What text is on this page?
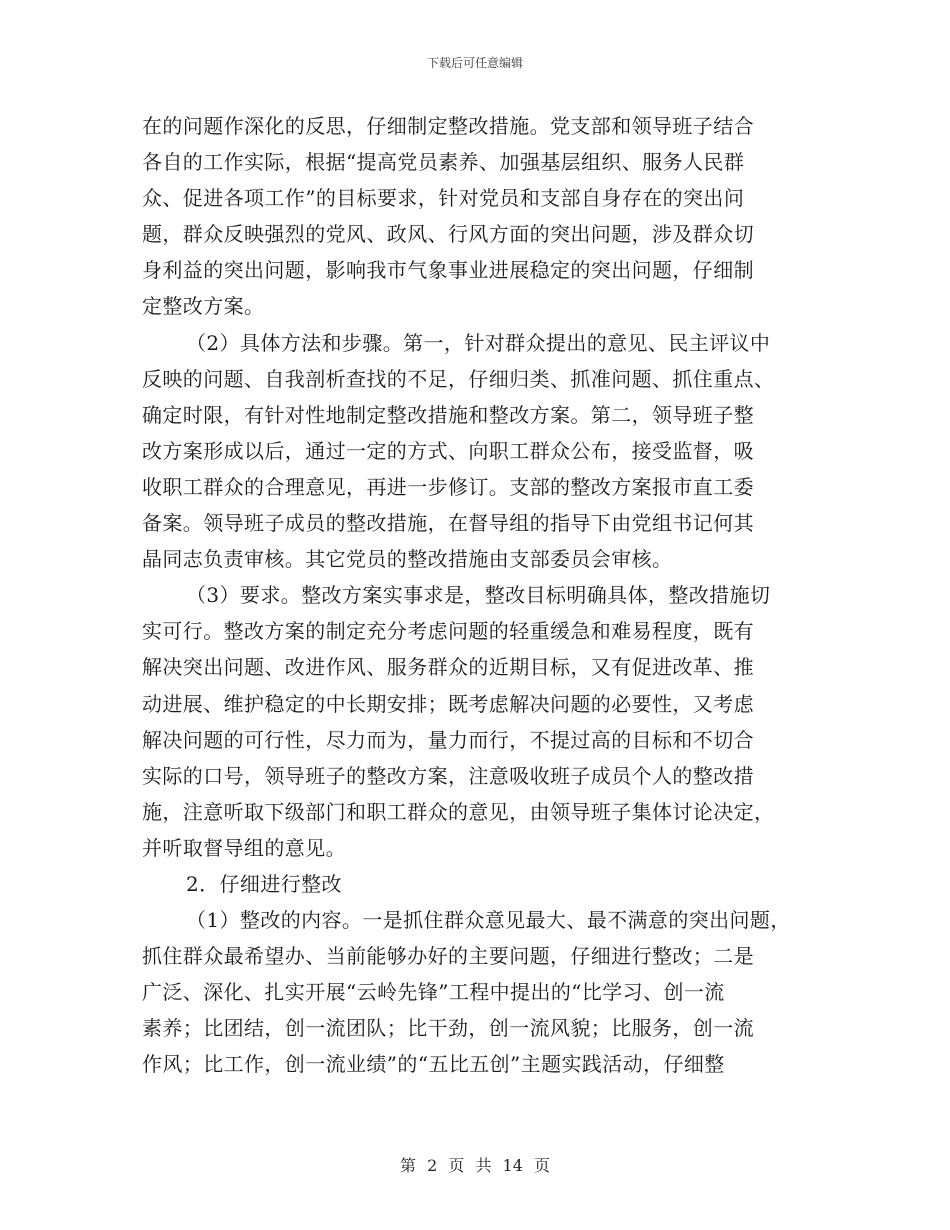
下载后可任意编辑
在的问题作深化的反思，仔细制定整改措施。党支部和领导班子结合
各自的工作实际，根据“提高党员素养、加强基层组织、服务人民群
众、促进各项工作”的目标要求，针对党员和支部自身存在的突出问
题，群众反映强烈的党风、政风、行风方面的突出问题，涉及群众切
身利益的突出问题，影响我市气象事业进展稳定的突出问题，仔细制
定整改方案。
（2）具体方法和步骤。第一，针对群众提出的意见、民主评议中
反映的问题、自我剖析查找的不足，仔细归类、抓准问题、抓住重点、
确定时限，有针对性地制定整改措施和整改方案。第二，领导班子整
改方案形成以后，通过一定的方式、向职工群众公布，接受监督，吸
收职工群众的合理意见，再进一步修订。支部的整改方案报市直工委
备案。领导班子成员的整改措施，在督导组的指导下由党组书记何其
晶同志负责审核。其它党员的整改措施由支部委员会审核。
（3）要求。整改方案实事求是，整改目标明确具体，整改措施切
实可行。整改方案的制定充分考虑问题的轻重缓急和难易程度，既有
解决突出问题、改进作风、服务群众的近期目标，又有促进改革、推
动进展、维护稳定的中长期安排；既考虑解决问题的必要性，又考虑
解决问题的可行性，尽力而为，量力而行，不提过高的目标和不切合
实际的口号，领导班子的整改方案，注意吸收班子成员个人的整改措
施，注意听取下级部门和职工群众的意见，由领导班子集体讨论决定，
并听取督导组的意见。
2．仔细进行整改
（1）整改的内容。一是抓住群众意见最大、最不满意的突出问题，
抓住群众最希望办、当前能够办好的主要问题，仔细进行整改；二是
广泛、深化、扎实开展“云岭先锋”工程中提出的“比学习、创一流
素养；比团结，创一流团队；比干劲，创一流风貌；比服务，创一流
作风；比工作，创一流业绩”的“五比五创”主题实践活动，仔细整
第 2 页 共 14 页
